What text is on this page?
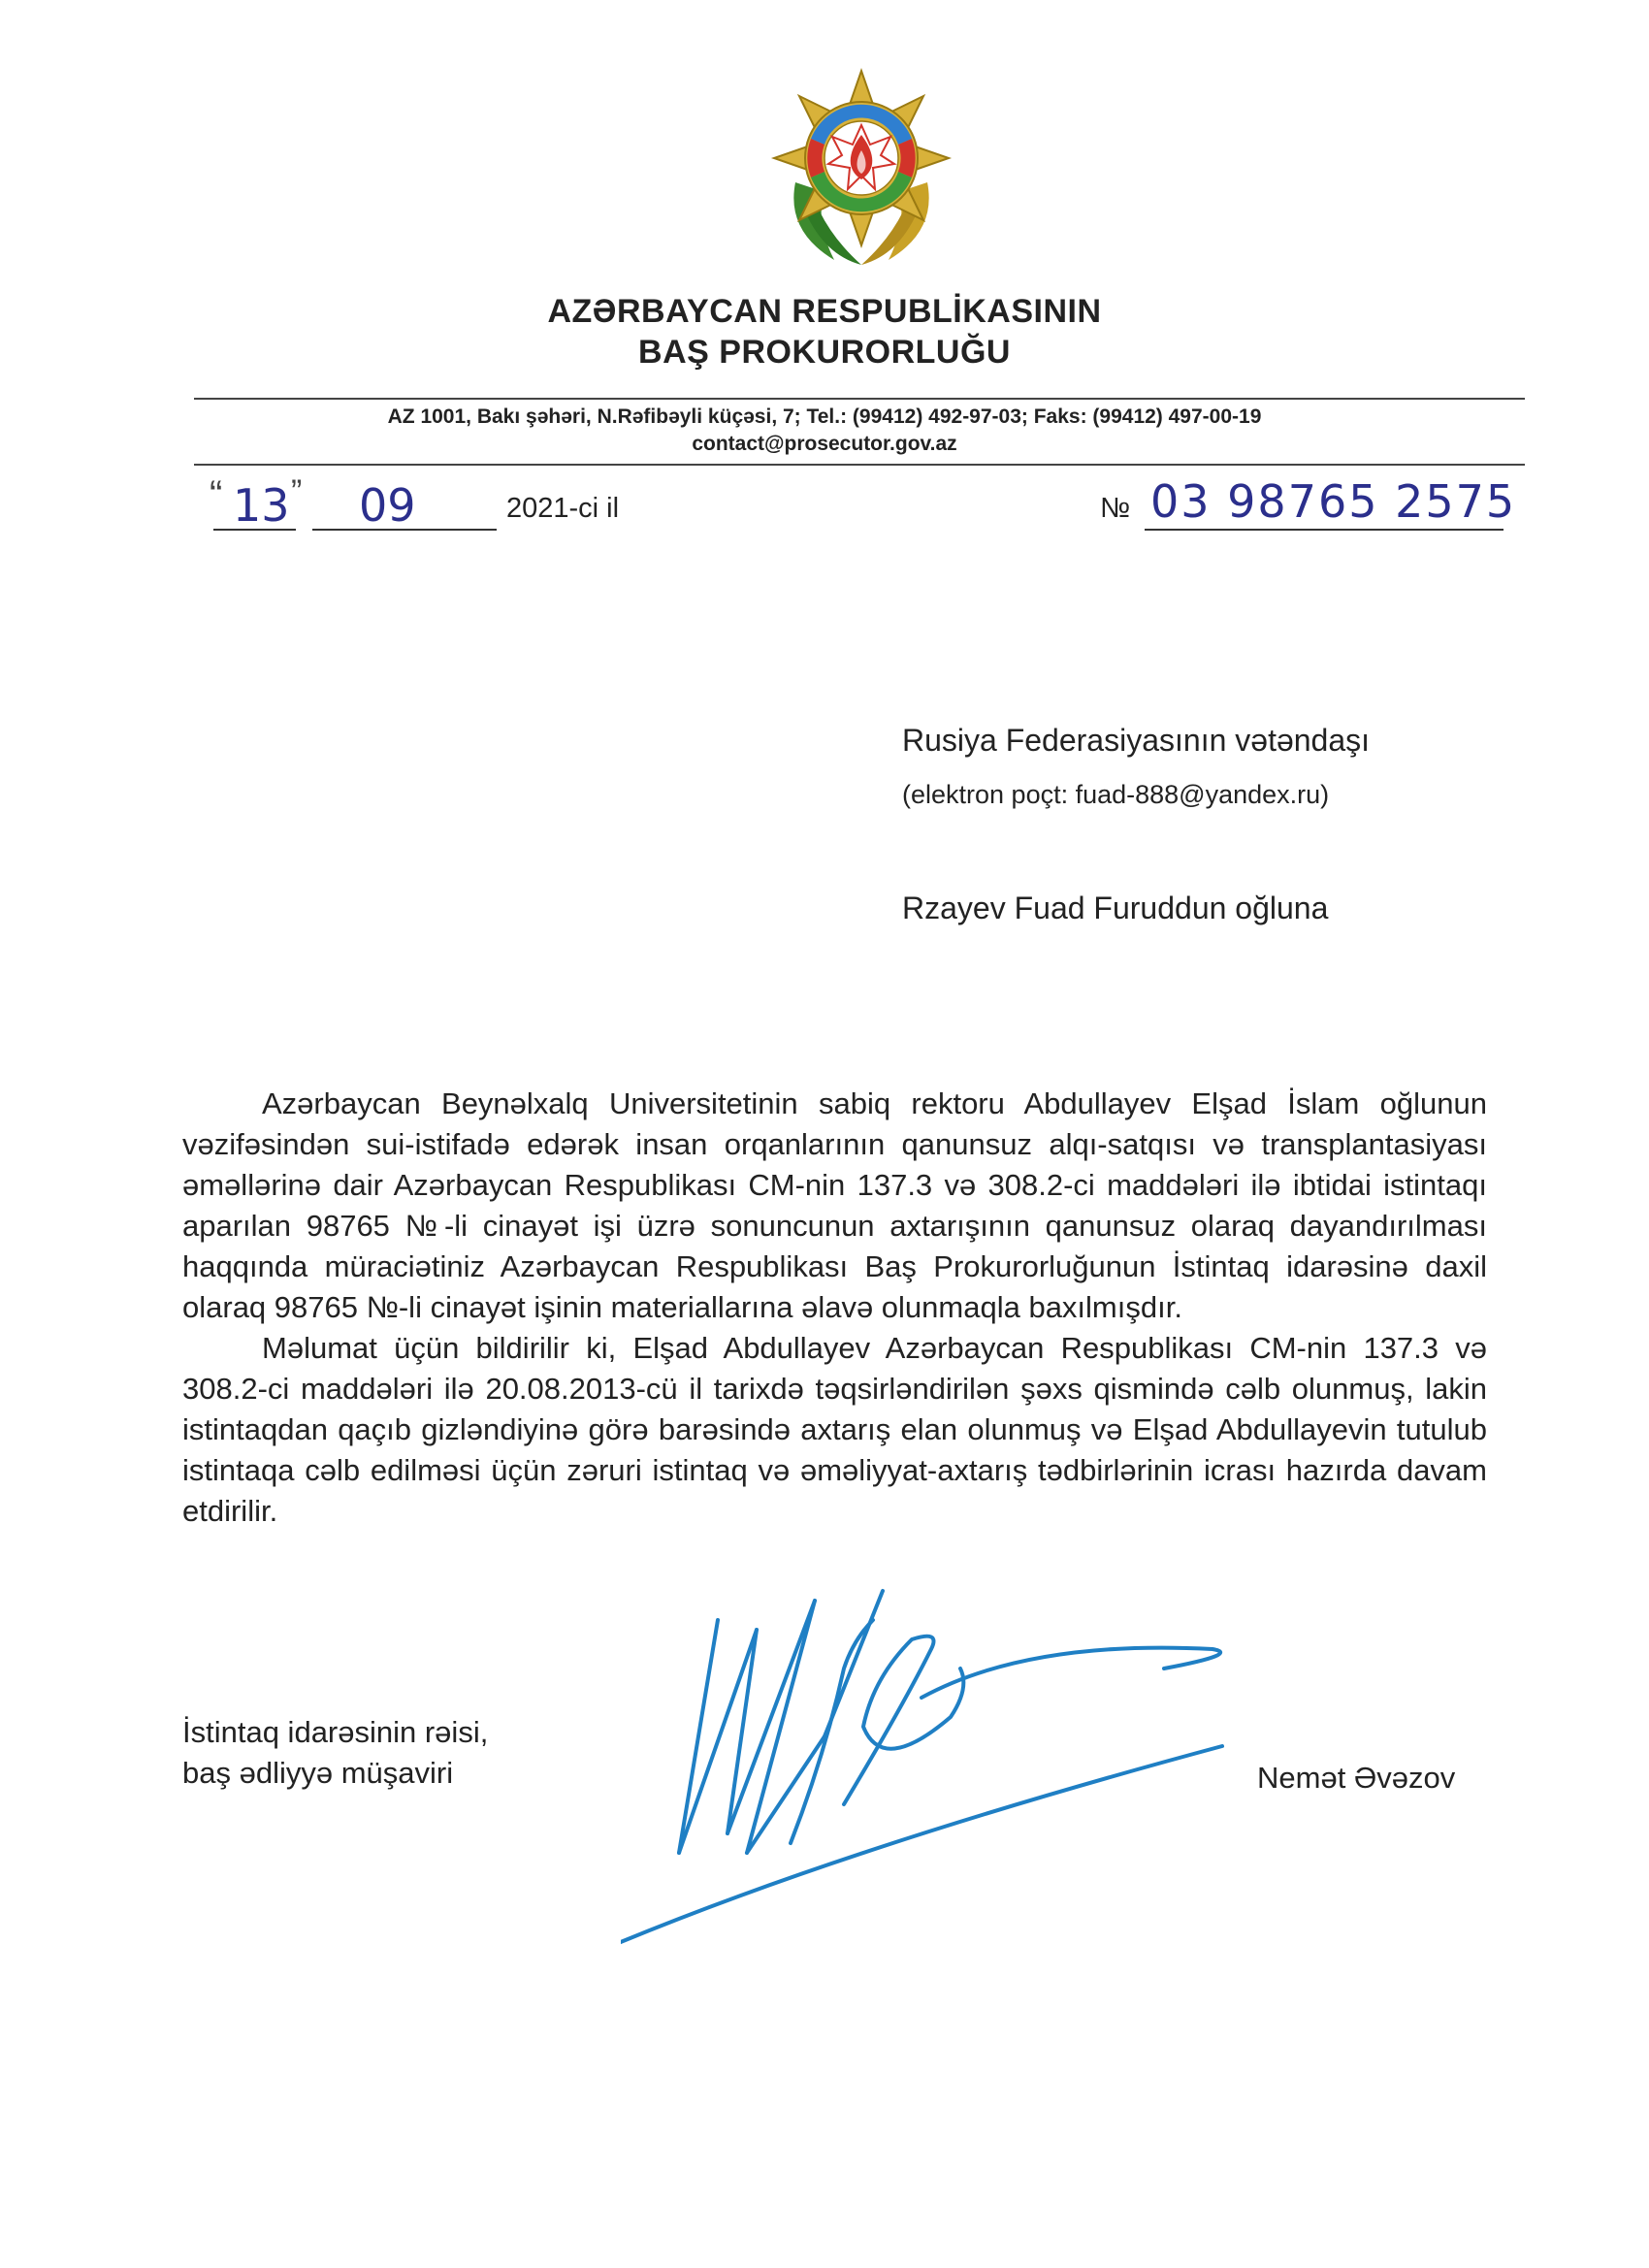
AZƏRBAYCAN RESPUBLİKASININ
BAŞ PROKURORLUĞU
AZ 1001, Bakı şəhəri, N.Rəfibəyli küçəsi, 7; Tel.: (99412) 492-97-03; Faks: (99412) 497-00-19
contact@prosecutor.gov.az
“ 13 ” 09	2021-ci il	№ 03 98765 2575
Rusiya Federasiyasının vətəndaşı
(elektron poçt: fuad-888@yandex.ru)
Rzayev Fuad Furuddun oğluna

Azərbaycan Beynəlxalq Universitetinin sabiq rektoru Abdullayev Elşad İslam oğlunun vəzifəsindən sui-istifadə edərək insan orqanlarının qanunsuz alqı-satqısı və transplantasiyası əməllərinə dair Azərbaycan Respublikası CM-nin 137.3 və 308.2-ci maddələri ilə ibtidai istintaqı aparılan 98765 №-li cinayət işi üzrə sonuncunun axtarışının qanunsuz olaraq dayandırılması haqqında müraciətiniz Azərbaycan Respublikası Baş Prokurorluğunun İstintaq idarəsinə daxil olaraq 98765 №-li cinayət işinin materiallarına əlavə olunmaqla baxılmışdır.

Məlumat üçün bildirilir ki, Elşad Abdullayev Azərbaycan Respublikası CM-nin 137.3 və 308.2-ci maddələri ilə 20.08.2013-cü il tarixdə təqsirləndirilən şəxs qismində cəlb olunmuş, lakin istintaqdan qaçıb gizləndiyinə görə barəsində axtarış elan olunmuş və Elşad Abdullayevin tutulub istintaqa cəlb edilməsi üçün zəruri istintaq və əməliyyat-axtarış tədbirlərinin icrası hazırda davam etdirilir.

İstintaq idarəsinin rəisi,
baş ədliyyə müşaviri	Nemət Əvəzov
